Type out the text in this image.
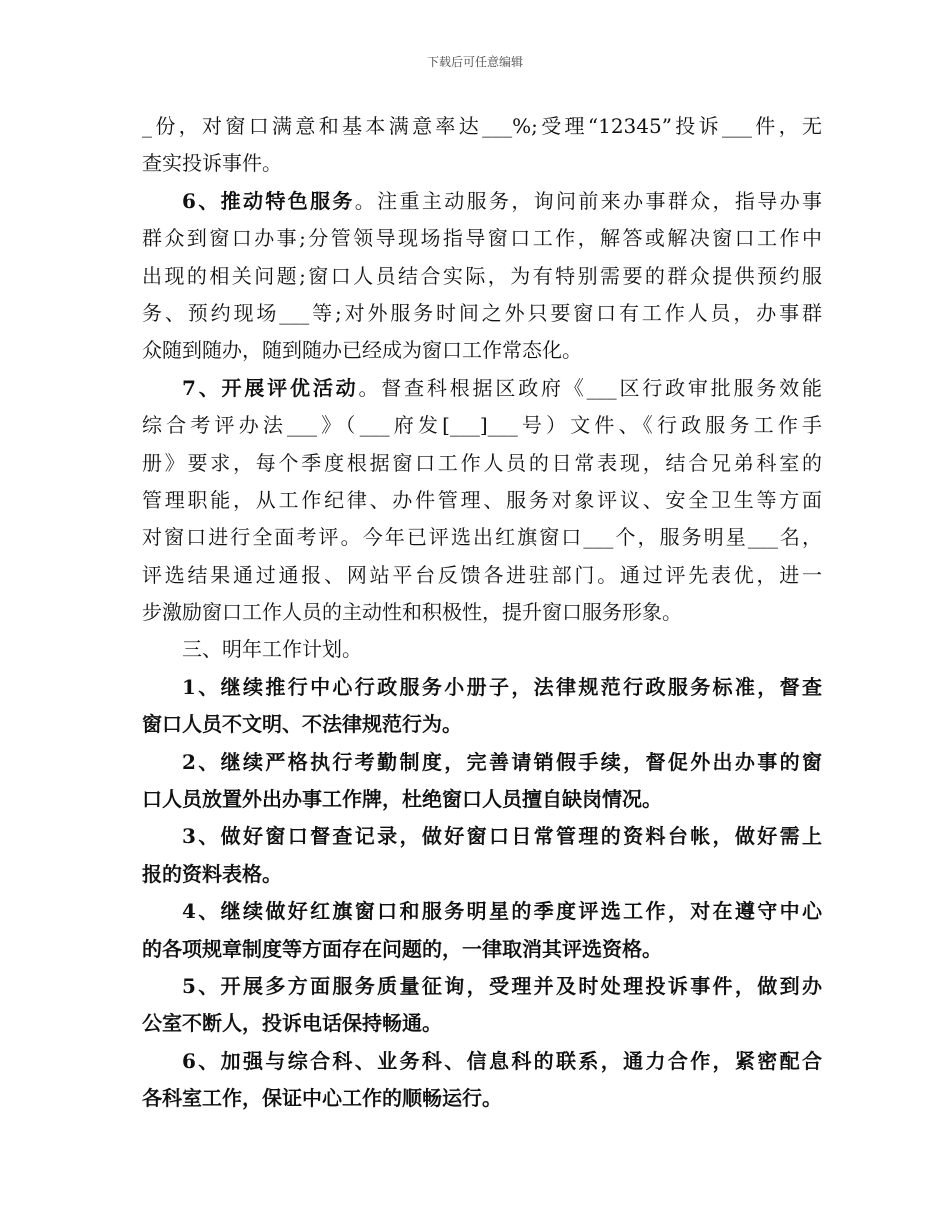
下载后可任意编辑
_份，对窗口满意和基本满意率达___%;受理“12345”投诉___件，无
查实投诉事件。
6、推动特色服务。注重主动服务，询问前来办事群众，指导办事
群众到窗口办事;分管领导现场指导窗口工作，解答或解决窗口工作中
出现的相关问题;窗口人员结合实际，为有特别需要的群众提供预约服
务、预约现场___等;对外服务时间之外只要窗口有工作人员，办事群
众随到随办，随到随办已经成为窗口工作常态化。
7、开展评优活动。督查科根据区政府《___区行政审批服务效能
综合考评办法___》（___府发[___]___号）文件、《行政服务工作手
册》要求，每个季度根据窗口工作人员的日常表现，结合兄弟科室的
管理职能，从工作纪律、办件管理、服务对象评议、安全卫生等方面
对窗口进行全面考评。今年已评选出红旗窗口___个，服务明星___名，
评选结果通过通报、网站平台反馈各进驻部门。通过评先表优，进一
步激励窗口工作人员的主动性和积极性，提升窗口服务形象。
三、明年工作计划。
1、继续推行中心行政服务小册子，法律规范行政服务标准，督查
窗口人员不文明、不法律规范行为。
2、继续严格执行考勤制度，完善请销假手续，督促外出办事的窗
口人员放置外出办事工作牌，杜绝窗口人员擅自缺岗情况。
3、做好窗口督查记录，做好窗口日常管理的资料台帐，做好需上
报的资料表格。
4、继续做好红旗窗口和服务明星的季度评选工作，对在遵守中心
的各项规章制度等方面存在问题的，一律取消其评选资格。
5、开展多方面服务质量征询，受理并及时处理投诉事件，做到办
公室不断人，投诉电话保持畅通。
6、加强与综合科、业务科、信息科的联系，通力合作，紧密配合
各科室工作，保证中心工作的顺畅运行。
